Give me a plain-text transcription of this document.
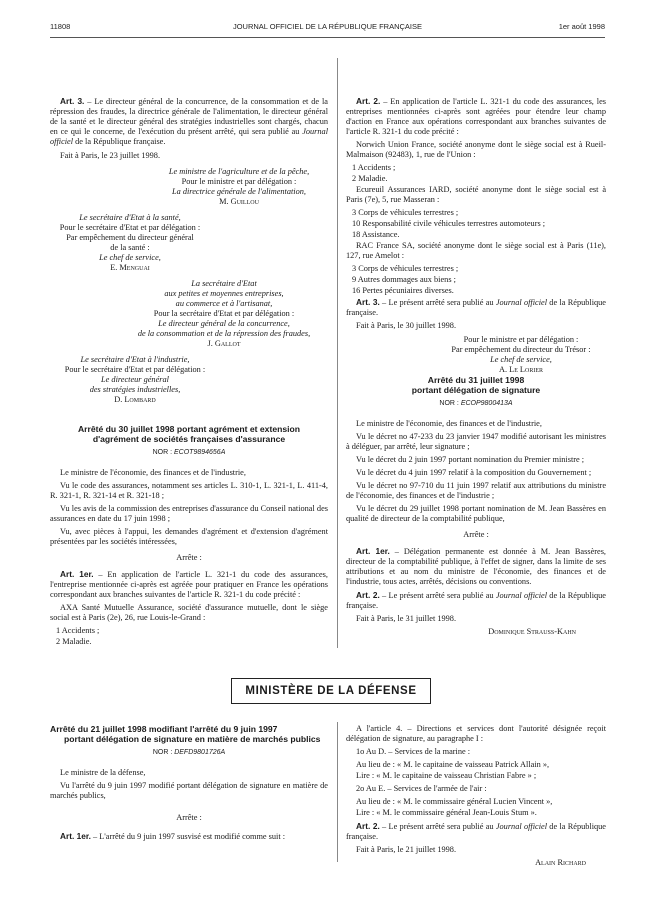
11808	JOURNAL OFFICIEL DE LA RÉPUBLIQUE FRANÇAISE	1er août 1998

Art. 3. – Le directeur général de la concurrence, de la consommation et de la répression des fraudes, la directrice générale de l'alimentation, le directeur général de la santé et le directeur général des stratégies industrielles sont chargés, chacun en ce qui le concerne, de l'exécution du présent arrêté, qui sera publié au Journal officiel de la République française.

Fait à Paris, le 23 juillet 1998.

Le ministre de l'agriculture et de la pêche,

Pour le ministre et par délégation :

La directrice générale de l'alimentation,

M. Guillou

Le secrétaire d'Etat à la santé,

Pour le secrétaire d'Etat et par délégation :

Par empêchement du directeur général

de la santé :

Le chef de service,

E. Menguai

La secrétaire d'Etat

aux petites et moyennes entreprises,

au commerce et à l'artisanat,

Pour la secrétaire d'Etat et par délégation :

Le directeur général de la concurrence,

de la consommation et de la répression des fraudes,

J. Gallot

Le secrétaire d'Etat à l'industrie,

Pour le secrétaire d'Etat et par délégation :

Le directeur général

des stratégies industrielles,

D. Lombard

Arrêté du 30 juillet 1998 portant agrément et extension
d'agrément de sociétés françaises d'assurance

NOR : ECOT9894656A

Le ministre de l'économie, des finances et de l'industrie,

Vu le code des assurances, notamment ses articles L. 310-1, L. 321-1, L. 411-4, R. 321-1, R. 321-14 et R. 321-18 ;

Vu les avis de la commission des entreprises d'assurance du Conseil national des assurances en date du 17 juin 1998 ;

Vu, avec pièces à l'appui, les demandes d'agrément et d'extension d'agrément présentées par les sociétés intéressées,

Arrête :

Art. 1er. – En application de l'article L. 321-1 du code des assurances, l'entreprise mentionnée ci-après est agréée pour pratiquer en France les opérations correspondant aux branches suivantes de l'article R. 321-1 du code précité :

AXA Santé Mutuelle Assurance, société d'assurance mutuelle, dont le siège social est à Paris (2e), 26, rue Louis-le-Grand :

1 Accidents ;

2 Maladie.

Art. 2. – En application de l'article L. 321-1 du code des assurances, les entreprises mentionnées ci-après sont agréées pour étendre leur champ d'action en France aux opérations correspondant aux branches suivantes de l'article R. 321-1 du code précité :

Norwich Union France, société anonyme dont le siège social est à Rueil-Malmaison (92483), 1, rue de l'Union :

1 Accidents ;

2 Maladie.

Ecureuil Assurances IARD, société anonyme dont le siège social est à Paris (7e), 5, rue Masseran :

3 Corps de véhicules terrestres ;

10 Responsabilité civile véhicules terrestres automoteurs ;

18 Assistance.

RAC France SA, société anonyme dont le siège social est à Paris (11e), 127, rue Amelot :

3 Corps de véhicules terrestres ;

9 Autres dommages aux biens ;

16 Pertes pécuniaires diverses.

Art. 3. – Le présent arrêté sera publié au Journal officiel de la République française.

Fait à Paris, le 30 juillet 1998.

Pour le ministre et par délégation :

Par empêchement du directeur du Trésor :

Le chef de service,

A. Le Lorier

Arrêté du 31 juillet 1998
portant délégation de signature

NOR : ECOP9800413A

Le ministre de l'économie, des finances et de l'industrie,

Vu le décret no 47-233 du 23 janvier 1947 modifié autorisant les ministres à déléguer, par arrêté, leur signature ;

Vu le décret du 2 juin 1997 portant nomination du Premier ministre ;

Vu le décret du 4 juin 1997 relatif à la composition du Gouvernement ;

Vu le décret no 97-710 du 11 juin 1997 relatif aux attributions du ministre de l'économie, des finances et de l'industrie ;

Vu le décret du 29 juillet 1998 portant nomination de M. Jean Bassères en qualité de directeur de la comptabilité publique,

Arrête :

Art. 1er. – Délégation permanente est donnée à M. Jean Bassères, directeur de la comptabilité publique, à l'effet de signer, dans la limite de ses attributions et au nom du ministre de l'économie, des finances et de l'industrie, tous actes, arrêtés, décisions ou conventions.

Art. 2. – Le présent arrêté sera publié au Journal officiel de la République française.

Fait à Paris, le 31 juillet 1998.

Dominique Strauss-Kahn

MINISTÈRE DE LA DÉFENSE

Arrêté du 21 juillet 1998 modifiant l'arrêté du 9 juin 1997
portant délégation de signature en matière de marchés publics

NOR : DEFD9801726A

Le ministre de la défense,

Vu l'arrêté du 9 juin 1997 modifié portant délégation de signature en matière de marchés publics,

Arrête :

Art. 1er. – L'arrêté du 9 juin 1997 susvisé est modifié comme suit :

A l'article 4. – Directions et services dont l'autorité désignée reçoit délégation de signature, au paragraphe I :

1o Au D. – Services de la marine :

Au lieu de : « M. le capitaine de vaisseau Patrick Allain »,

Lire : « M. le capitaine de vaisseau Christian Fabre » ;

2o Au E. – Services de l'armée de l'air :

Au lieu de : « M. le commissaire général Lucien Vincent »,

Lire : « M. le commissaire général Jean-Louis Stum ».

Art. 2. – Le présent arrêté sera publié au Journal officiel de la République française.

Fait à Paris, le 21 juillet 1998.

Alain Richard
